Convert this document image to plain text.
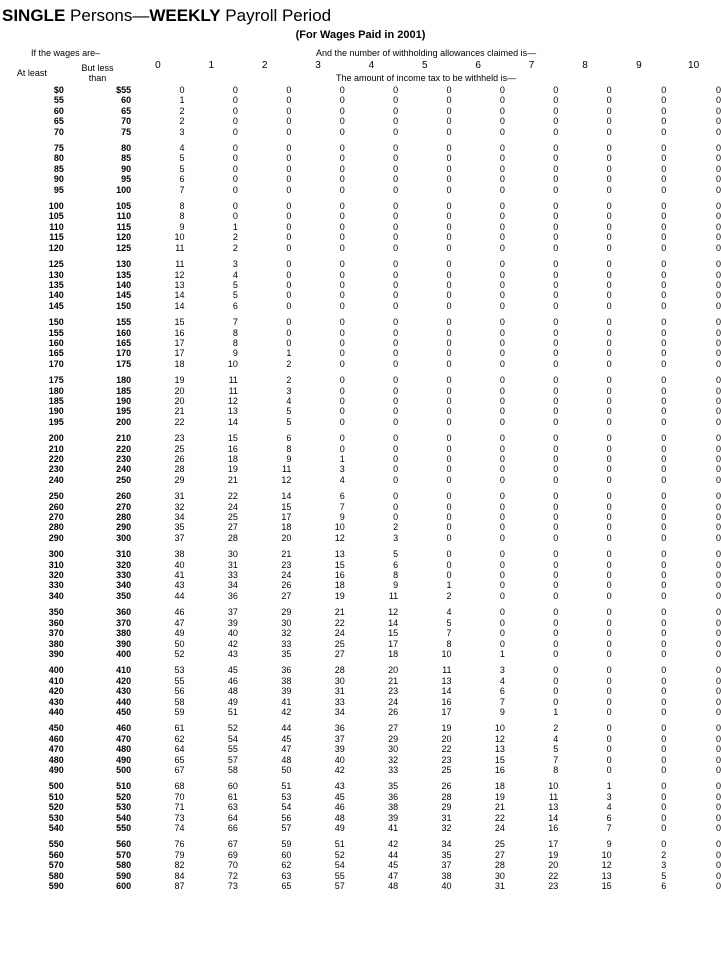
SINGLE Persons—WEEKLY Payroll Period
(For Wages Paid in 2001)
If the wages are–		And the number of withholding allowances claimed is—										
At least	But less
than	0	1	2	3	4	5	6	7	8	9	10
		The amount of income tax to be withheld is—										
$0	$55	0	0	0	0	0	0	0	0	0	0	0
55	60	1	0	0	0	0	0	0	0	0	0	0
60	65	2	0	0	0	0	0	0	0	0	0	0
65	70	2	0	0	0	0	0	0	0	0	0	0
70	75	3	0	0	0	0	0	0	0	0	0	0

75	80	4	0	0	0	0	0	0	0	0	0	0
80	85	5	0	0	0	0	0	0	0	0	0	0
85	90	5	0	0	0	0	0	0	0	0	0	0
90	95	6	0	0	0	0	0	0	0	0	0	0
95	100	7	0	0	0	0	0	0	0	0	0	0

100	105	8	0	0	0	0	0	0	0	0	0	0
105	110	8	0	0	0	0	0	0	0	0	0	0
110	115	9	1	0	0	0	0	0	0	0	0	0
115	120	10	2	0	0	0	0	0	0	0	0	0
120	125	11	2	0	0	0	0	0	0	0	0	0

125	130	11	3	0	0	0	0	0	0	0	0	0
130	135	12	4	0	0	0	0	0	0	0	0	0
135	140	13	5	0	0	0	0	0	0	0	0	0
140	145	14	5	0	0	0	0	0	0	0	0	0
145	150	14	6	0	0	0	0	0	0	0	0	0

150	155	15	7	0	0	0	0	0	0	0	0	0
155	160	16	8	0	0	0	0	0	0	0	0	0
160	165	17	8	0	0	0	0	0	0	0	0	0
165	170	17	9	1	0	0	0	0	0	0	0	0
170	175	18	10	2	0	0	0	0	0	0	0	0

175	180	19	11	2	0	0	0	0	0	0	0	0
180	185	20	11	3	0	0	0	0	0	0	0	0
185	190	20	12	4	0	0	0	0	0	0	0	0
190	195	21	13	5	0	0	0	0	0	0	0	0
195	200	22	14	5	0	0	0	0	0	0	0	0

200	210	23	15	6	0	0	0	0	0	0	0	0
210	220	25	16	8	0	0	0	0	0	0	0	0
220	230	26	18	9	1	0	0	0	0	0	0	0
230	240	28	19	11	3	0	0	0	0	0	0	0
240	250	29	21	12	4	0	0	0	0	0	0	0

250	260	31	22	14	6	0	0	0	0	0	0	0
260	270	32	24	15	7	0	0	0	0	0	0	0
270	280	34	25	17	9	0	0	0	0	0	0	0
280	290	35	27	18	10	2	0	0	0	0	0	0
290	300	37	28	20	12	3	0	0	0	0	0	0

300	310	38	30	21	13	5	0	0	0	0	0	0
310	320	40	31	23	15	6	0	0	0	0	0	0
320	330	41	33	24	16	8	0	0	0	0	0	0
330	340	43	34	26	18	9	1	0	0	0	0	0
340	350	44	36	27	19	11	2	0	0	0	0	0

350	360	46	37	29	21	12	4	0	0	0	0	0
360	370	47	39	30	22	14	5	0	0	0	0	0
370	380	49	40	32	24	15	7	0	0	0	0	0
380	390	50	42	33	25	17	8	0	0	0	0	0
390	400	52	43	35	27	18	10	1	0	0	0	0

400	410	53	45	36	28	20	11	3	0	0	0	0
410	420	55	46	38	30	21	13	4	0	0	0	0
420	430	56	48	39	31	23	14	6	0	0	0	0
430	440	58	49	41	33	24	16	7	0	0	0	0
440	450	59	51	42	34	26	17	9	1	0	0	0

450	460	61	52	44	36	27	19	10	2	0	0	0
460	470	62	54	45	37	29	20	12	4	0	0	0
470	480	64	55	47	39	30	22	13	5	0	0	0
480	490	65	57	48	40	32	23	15	7	0	0	0
490	500	67	58	50	42	33	25	16	8	0	0	0

500	510	68	60	51	43	35	26	18	10	1	0	0
510	520	70	61	53	45	36	28	19	11	3	0	0
520	530	71	63	54	46	38	29	21	13	4	0	0
530	540	73	64	56	48	39	31	22	14	6	0	0
540	550	74	66	57	49	41	32	24	16	7	0	0

550	560	76	67	59	51	42	34	25	17	9	0	0
560	570	79	69	60	52	44	35	27	19	10	2	0
570	580	82	70	62	54	45	37	28	20	12	3	0
580	590	84	72	63	55	47	38	30	22	13	5	0
590	600	87	73	65	57	48	40	31	23	15	6	0
